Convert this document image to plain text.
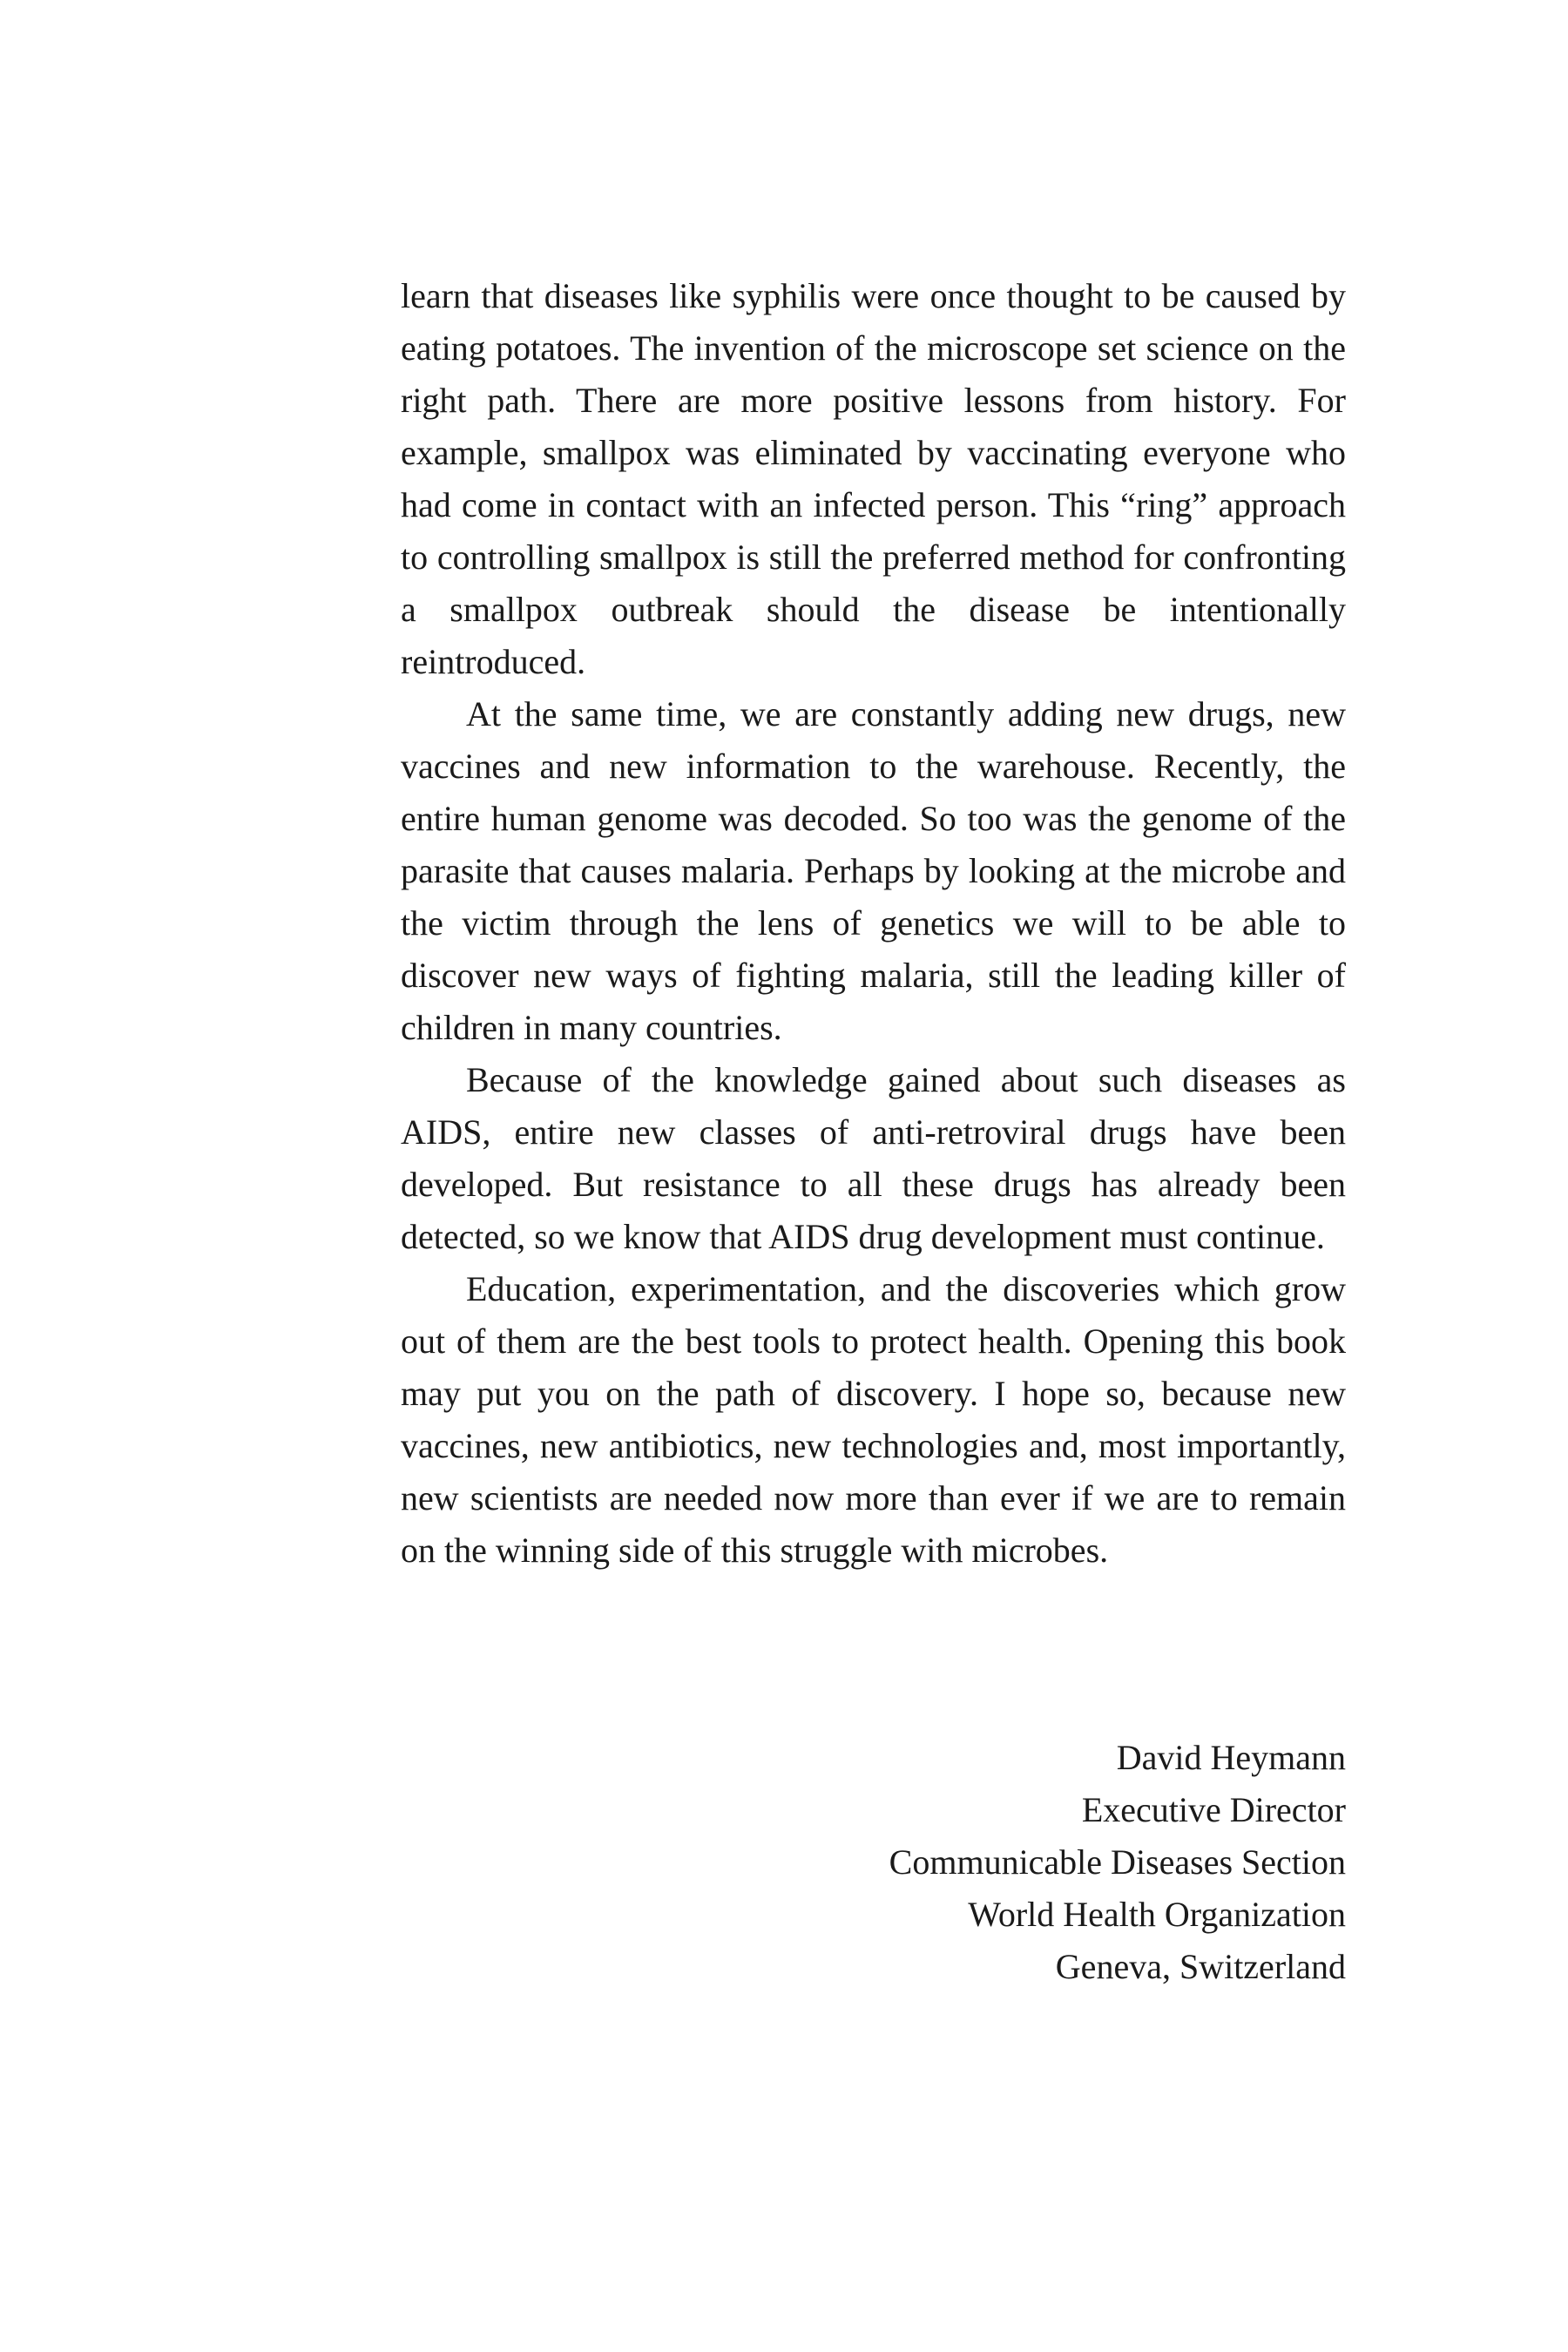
learn that diseases like syphilis were once thought to be caused by eating potatoes. The invention of the microscope set science on the right path. There are more positive lessons from history. For example, smallpox was eliminated by vaccinating everyone who had come in contact with an infected person. This “ring” approach to controlling smallpox is still the preferred method for confronting a smallpox outbreak should the disease be intentionally reintroduced.

At the same time, we are constantly adding new drugs, new vaccines and new information to the warehouse. Recently, the entire human genome was decoded. So too was the genome of the parasite that causes malaria. Perhaps by looking at the microbe and the victim through the lens of genetics we will to be able to discover new ways of fighting malaria, still the leading killer of children in many countries.

Because of the knowledge gained about such diseases as AIDS, entire new classes of anti-retroviral drugs have been developed. But resistance to all these drugs has already been detected, so we know that AIDS drug development must continue.

Education, experimentation, and the discoveries which grow out of them are the best tools to protect health. Opening this book may put you on the path of discovery. I hope so, because new vaccines, new antibiotics, new technologies and, most importantly, new scientists are needed now more than ever if we are to remain on the winning side of this struggle with microbes.

David Heymann
Executive Director
Communicable Diseases Section
World Health Organization
Geneva, Switzerland
